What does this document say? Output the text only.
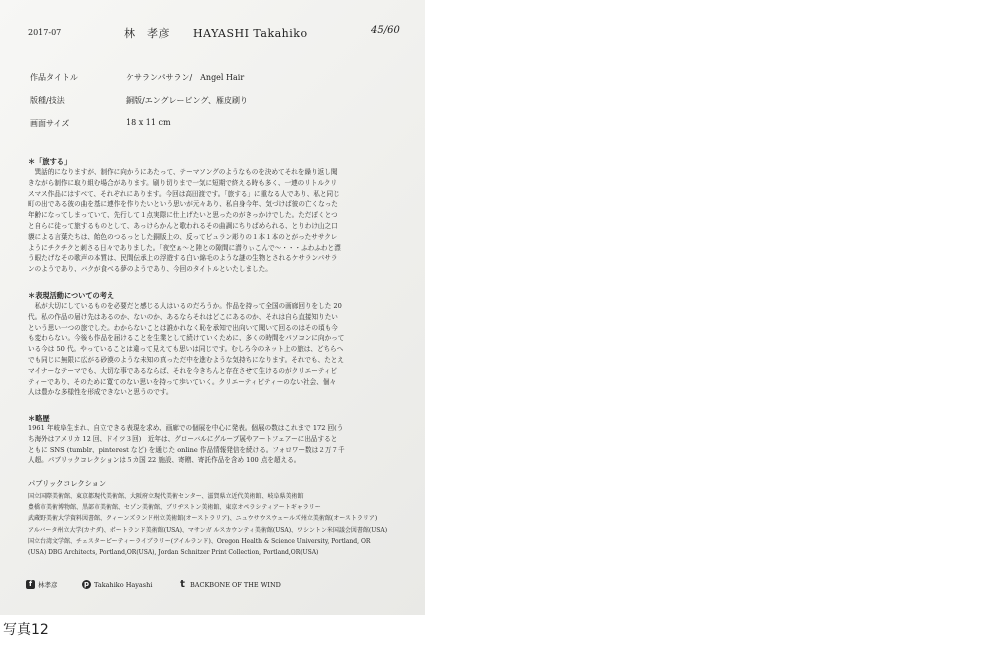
2017-07	林　孝彦　　HAYASHI Takahiko	45/60
作品タイトル	ケサランパサラン/　Angel Hair
版種/技法	銅版/エングレービング、雁皮刷り
画面サイズ	18 x 11 cm
＊「旅する」
　巽話的になりますが、制作に向かうにあたって、テーマソングのようなものを決めてそれを繰り返し聞
きながら制作に取り組む場合があります。刷り切りまで一気に短期で終える時も多く、一連のリトルクリ
スマス作品にはすべて、それぞれにあります。今回は高田渡です。「旅する」に重なる人であり、私と同じ
町の出である彼の曲を基に連作を作りたいという思いが元々あり、私自身今年、気づけば彼の亡くなった
年齢になってしまっていて、先行して１点実際に仕上げたいと思ったのがきっかけでした。ただぼくとつ
と自らに徒って旅するものとして、あっけらかんと歌われるその曲調にちりばめられる、とりわけ山之口
貘による言葉たちは、飴色のつるっとした銅版上の、反ってビュラン彫りの１本１本のとがったササクレ
ようにチクチクと刺さる日々でありました。「夜空ぁ～と陸との隙間に潜りぃこんで～・・・ふわふわと漂
う眼たげなその歌声の本質は、民間伝承上の浮遊する白い綿毛のような謎の生物とされるケサランパサラ
ンのようであり、バクが食べる夢のようであり、今回のタイトルといたしました。
＊表現活動についての考え
　私が大切にしているものを必要だと感じる人はいるのだろうか。作品を持って全国の画廊回りをした 20
代。私の作品の届け先はあるのか、ないのか、あるならそれはどこにあるのか、それは自ら直接知りたい
という思い一つの旅でした。わからないことは誰かれなく恥を承知で出向いて聞いて回るのはその頃も今
も変わらない。今後も作品を届けることを生業として続けていくために、多くの時間をパソコンに向かって
いる今は 50 代。やっていることは違って見えても思いは同じです。むしろ今のネット上の旅は、どちらへ
でも同じに無限に広がる砂漠のような未知の真っただ中を進むような気持ちになります。それでも、たとえ
マイナーなテーマでも、大切な事であるならば、それを今きちんと存在させて生けるのがクリエーティビ
ティーであり、そのために寛てのない思いを持って歩いていく。クリエーティビティーのない社会、個々
人は豊かな多様性を形成できないと思うのです。
＊略歴
1961 年岐阜生まれ、自立できる表現を求め、画廊での個展を中心に発表。個展の数はこれまで 172 回(う
ち海外はアメリカ 12 回、ドイツ３回)　近年は、グローバルにグループ展やアートフェアーに出品すると
ともに SNS (tumblr、pinterest など) を通じた online 作品情報発信を続ける。フォロワー数は２万７千
人超。パブリックコレクションは５カ国 22 施設、寄贈、寄託作品を含め 100 点を超える。
パブリックコレクション
国立国際美術館、東京都現代美術館、大阪府立現代美術センター、滋賀県立近代美術館、岐阜県美術館
豊橋市美術博物館、黒部市美術館、セゾン美術館、ブリヂストン美術館、東京オペラシティアートギャラリー
武蔵野美術大学資料図書館、クィーンズランド州立美術館(オーストラリア)、ニュウサウスウェールズ州立美術館(オーストラリア)
アルバータ州立大学(カナダ)、ポートランド美術館(USA)、マサンガ ルスカウンティ美術館(USA)、ワシントン米国議会図書館(USA)
国立台湾文学館、チェスターピーティーライブラリー(アイルランド)、Oregon Health & Science University, Portland, OR
(USA) DBG Architects, Portland,OR(USA), Jordan Schnitzer Print Collection, Portland,OR(USA)
f 林孝彦	p Takahiko Hayashi	t BACKBONE OF THE WIND
写真12
